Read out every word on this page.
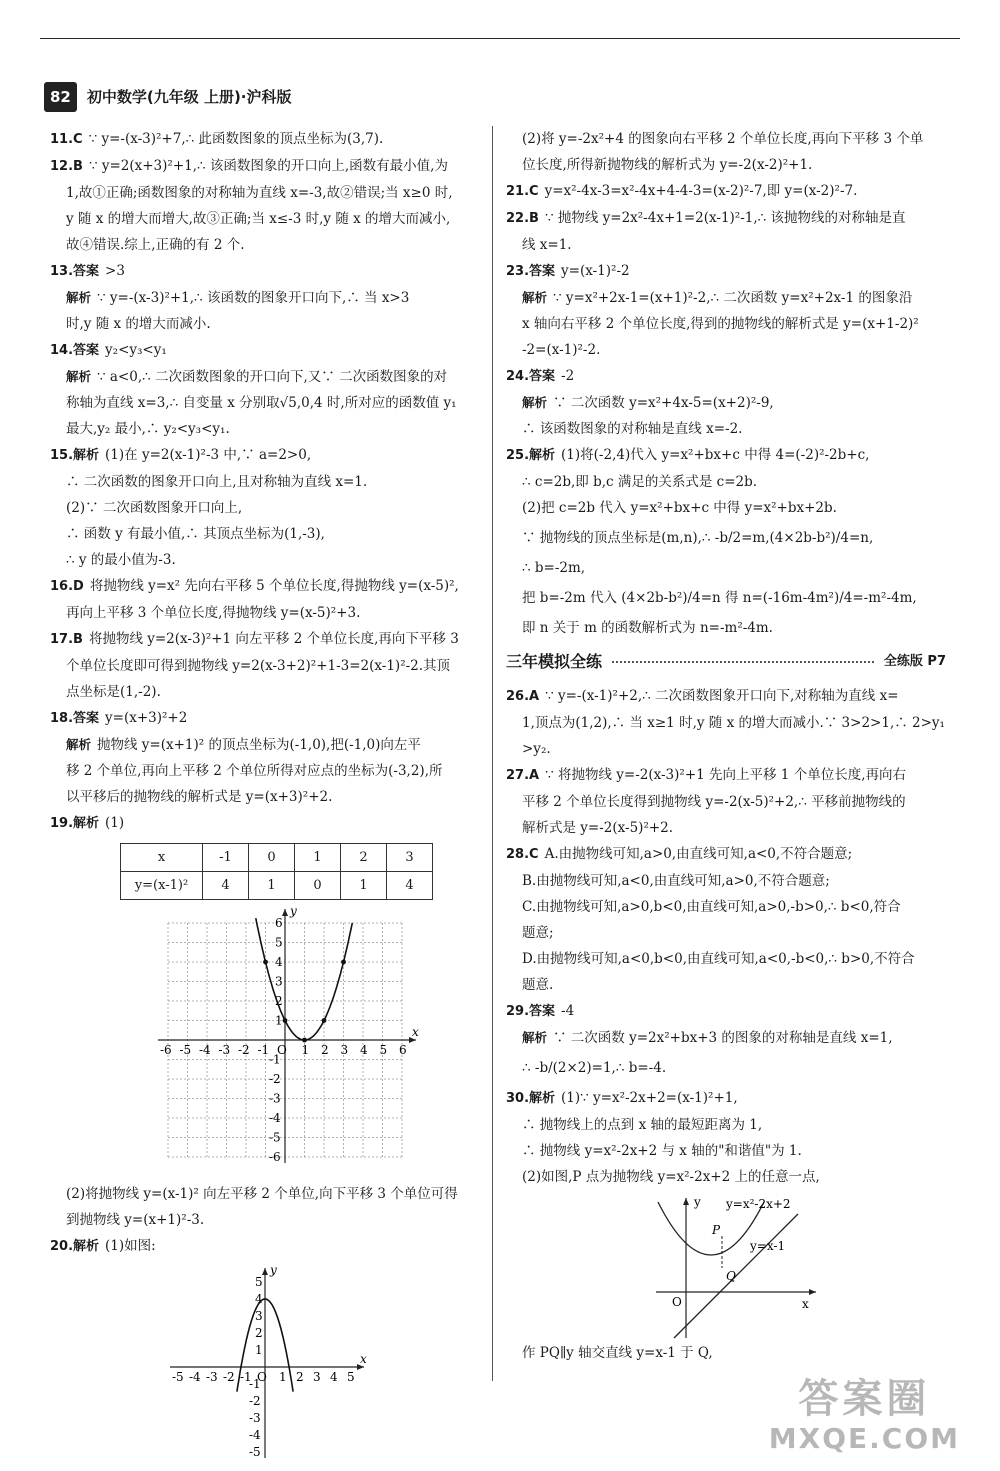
82	初中数学(九年级 上册)·沪科版
11.C ∵ y=-(x-3)²+7,∴ 此函数图象的顶点坐标为(3,7).
12.B ∵ y=2(x+3)²+1,∴ 该函数图象的开口向上,函数有最小值,为
1,故①正确;函数图象的对称轴为直线 x=-3,故②错误;当 x≥0 时,
y 随 x 的增大而增大,故③正确;当 x≤-3 时,y 随 x 的增大而减小,
故④错误.综上,正确的有 2 个.
13.答案 >3
解析 ∵ y=-(x-3)²+1,∴ 该函数的图象开口向下,∴ 当 x>3
时,y 随 x 的增大而减小.
14.答案 y₂<y₃<y₁
解析 ∵ a<0,∴ 二次函数图象的开口向下,又∵ 二次函数图象的对
称轴为直线 x=3,∴ 自变量 x 分别取√5,0,4 时,所对应的函数值 y₁
最大,y₂ 最小,∴ y₂<y₃<y₁.
15.解析 (1)在 y=2(x-1)²-3 中,∵ a=2>0,
∴ 二次函数的图象开口向上,且对称轴为直线 x=1.
(2)∵ 二次函数图象开口向上,
∴ 函数 y 有最小值,∴ 其顶点坐标为(1,-3),
∴ y 的最小值为-3.
16.D 将抛物线 y=x² 先向右平移 5 个单位长度,得抛物线 y=(x-5)²,
再向上平移 3 个单位长度,得抛物线 y=(x-5)²+3.
17.B 将抛物线 y=2(x-3)²+1 向左平移 2 个单位长度,再向下平移 3
个单位长度即可得到抛物线 y=2(x-3+2)²+1-3=2(x-1)²-2.其顶
点坐标是(1,-2).
18.答案 y=(x+3)²+2
解析 抛物线 y=(x+1)² 的顶点坐标为(-1,0),把(-1,0)向左平
移 2 个单位,再向上平移 2 个单位所得对应点的坐标为(-3,2),所
以平移后的抛物线的解析式是 y=(x+3)²+2.
19.解析 (1)
x	-1	0	1	2	3
y=(x-1)²	4	1	0	1	4
-6 -5 -4 -3 -2 -1 O 1 2 3 4 5 6
6
5
4
3
2
1
-1
-2
-3
-4
-5
-6
x
y
(2)将抛物线 y=(x-1)² 向左平移 2 个单位,向下平移 3 个单位可得
到抛物线 y=(x+1)²-3.
20.解析 (1)如图:
-5 -4 -3 -2 -1 O 1 2 3 4 5
5
4
3
2
1
-1
-2
-3
-4
-5
x
y
(2)将 y=-2x²+4 的图象向右平移 2 个单位长度,再向下平移 3 个单
位长度,所得新抛物线的解析式为 y=-2(x-2)²+1.
21.C y=x²-4x-3=x²-4x+4-4-3=(x-2)²-7,即 y=(x-2)²-7.
22.B ∵ 抛物线 y=2x²-4x+1=2(x-1)²-1,∴ 该抛物线的对称轴是直
线 x=1.
23.答案 y=(x-1)²-2
解析 ∵ y=x²+2x-1=(x+1)²-2,∴ 二次函数 y=x²+2x-1 的图象沿
x 轴向右平移 2 个单位长度,得到的抛物线的解析式是 y=(x+1-2)²
-2=(x-1)²-2.
24.答案 -2
解析 ∵ 二次函数 y=x²+4x-5=(x+2)²-9,
∴ 该函数图象的对称轴是直线 x=-2.
25.解析 (1)将(-2,4)代入 y=x²+bx+c 中得 4=(-2)²-2b+c,
∴ c=2b,即 b,c 满足的关系式是 c=2b.
(2)把 c=2b 代入 y=x²+bx+c 中得 y=x²+bx+2b.
∵ 抛物线的顶点坐标是(m,n),∴ -b/2=m,(4×2b-b²)/4=n,
∴ b=-2m,
把 b=-2m 代入 (4×2b-b²)/4=n 得 n=(-16m-4m²)/4=-m²-4m,
即 n 关于 m 的函数解析式为 n=-m²-4m.
三年模拟全练	全练版 P7
26.A ∵ y=-(x-1)²+2,∴ 二次函数图象开口向下,对称轴为直线 x=
1,顶点为(1,2),∴ 当 x≥1 时,y 随 x 的增大而减小.∵ 3>2>1,∴ 2>y₁
>y₂.
27.A ∵ 将抛物线 y=-2(x-3)²+1 先向上平移 1 个单位长度,再向右
平移 2 个单位长度得到抛物线 y=-2(x-5)²+2,∴ 平移前抛物线的
解析式是 y=-2(x-5)²+2.
28.C A.由抛物线可知,a>0,由直线可知,a<0,不符合题意;
B.由抛物线可知,a<0,由直线可知,a>0,不符合题意;
C.由抛物线可知,a>0,b<0,由直线可知,a>0,-b>0,∴ b<0,符合
题意;
D.由抛物线可知,a<0,b<0,由直线可知,a<0,-b<0,∴ b>0,不符合
题意.
29.答案 -4
解析 ∵ 二次函数 y=2x²+bx+3 的图象的对称轴是直线 x=1,
∴ -b/(2×2)=1,∴ b=-4.
30.解析 (1)∵ y=x²-2x+2=(x-1)²+1,
∴ 抛物线上的点到 x 轴的最短距离为 1,
∴ 抛物线 y=x²-2x+2 与 x 轴的"和谐值"为 1.
(2)如图,P 点为抛物线 y=x²-2x+2 上的任意一点,
y
x
O
y=x²-2x+2
y=x-1
P
Q
作 PQ∥y 轴交直线 y=x-1 于 Q,
答案圈
MXQE.COM
